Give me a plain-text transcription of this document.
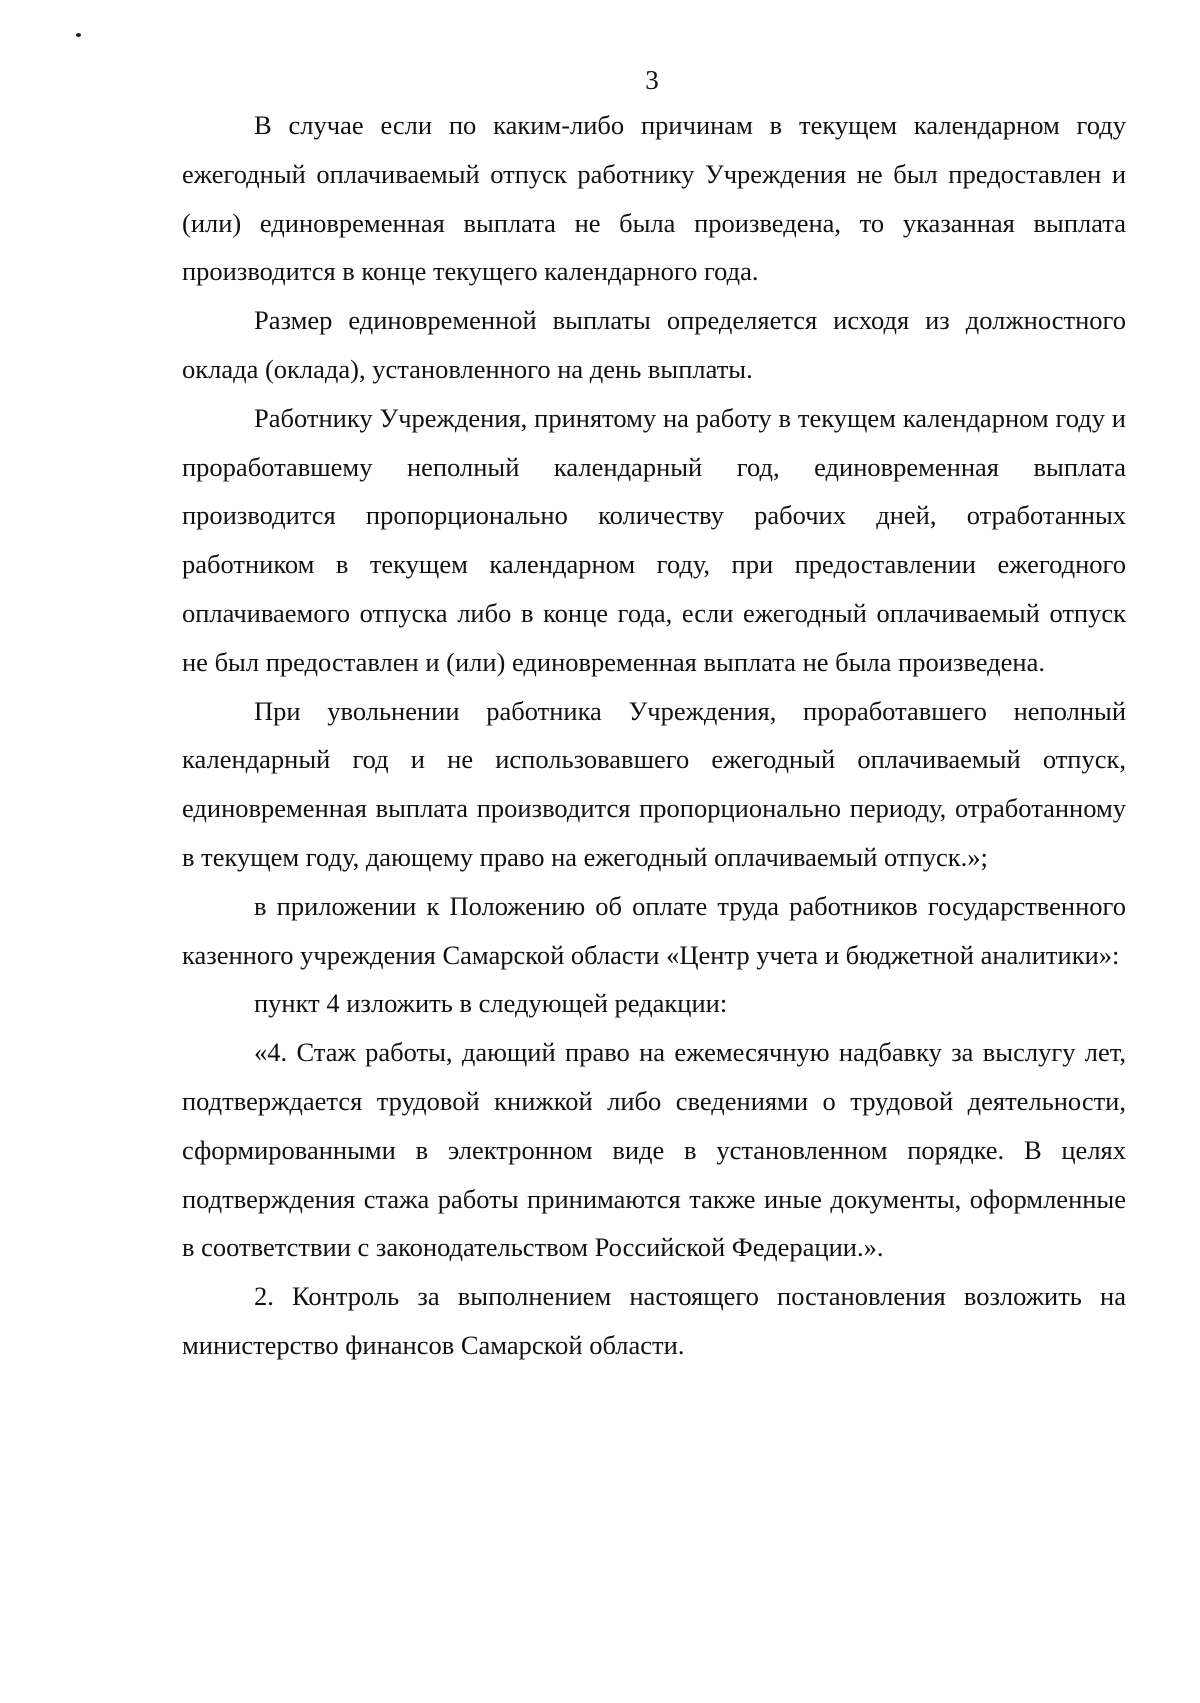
3

В случае если по каким-либо причинам в текущем календарном году ежегодный оплачиваемый отпуск работнику Учреждения не был предоставлен и (или) единовременная выплата не была произведена, то указанная выплата производится в конце текущего календарного года.

Размер единовременной выплаты определяется исходя из должностного оклада (оклада), установленного на день выплаты.

Работнику Учреждения, принятому на работу в текущем календарном году и проработавшему неполный календарный год, единовременная выплата производится пропорционально количеству рабочих дней, отработанных работником в текущем календарном году, при предоставлении ежегодного оплачиваемого отпуска либо в конце года, если ежегодный оплачиваемый отпуск не был предоставлен и (или) единовременная выплата не была произведена.

При увольнении работника Учреждения, проработавшего неполный календарный год и не использовавшего ежегодный оплачиваемый отпуск, единовременная выплата производится пропорционально периоду, отработанному в текущем году, дающему право на ежегодный оплачиваемый отпуск.»;

в приложении к Положению об оплате труда работников государственного казенного учреждения Самарской области «Центр учета и бюджетной аналитики»:

пункт 4 изложить в следующей редакции:

«4. Стаж работы, дающий право на ежемесячную надбавку за выслугу лет, подтверждается трудовой книжкой либо сведениями о трудовой деятельности, сформированными в электронном виде в установленном порядке. В целях подтверждения стажа работы принимаются также иные документы, оформленные в соответствии с законодательством Российской Федерации.».

2. Контроль за выполнением настоящего постановления возложить на министерство финансов Самарской области.
